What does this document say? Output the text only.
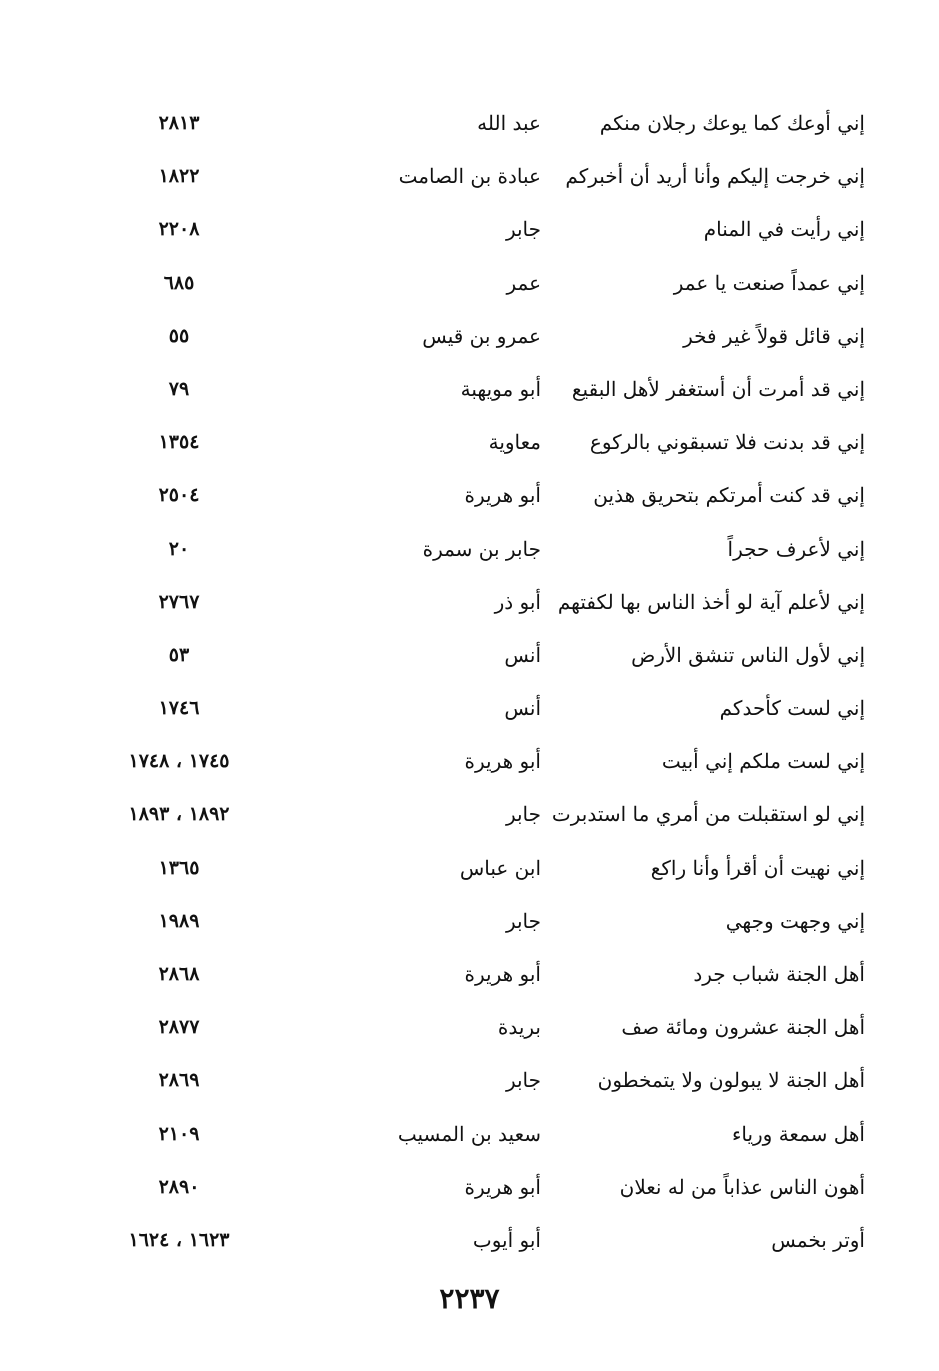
إني أوعك كما يوعك رجلان منكم
عبد الله
٢٨١٣
إني خرجت إليكم وأنا أريد أن أخبركم
عبادة بن الصامت
١٨٢٢
إني رأيت في المنام
جابر
٢٢٠٨
إني عمداً صنعت يا عمر
عمر
٦٨٥
إني قائل قولاً غير فخر
عمرو بن قيس
٥٥
إني قد أمرت أن أستغفر لأهل البقيع
أبو مويهبة
٧٩
إني قد بدنت فلا تسبقوني بالركوع
معاوية
١٣٥٤
إني قد كنت أمرتكم بتحريق هذين
أبو هريرة
٢٥٠٤
إني لأعرف حجراً
جابر بن سمرة
٢٠
إني لأعلم آية لو أخذ الناس بها لكفتهم
أبو ذر
٢٧٦٧
إني لأول الناس تنشق الأرض
أنس
٥٣
إني لست كأحدكم
أنس
١٧٤٦
إني لست ملكم إني أبيت
أبو هريرة
١٧٤٥ ، ١٧٤٨
إني لو استقبلت من أمري ما استدبرت
جابر
١٨٩٢ ، ١٨٩٣
إني نهيت أن أقرأ وأنا راكع
ابن عباس
١٣٦٥
إني وجهت وجهي
جابر
١٩٨٩
أهل الجنة شباب جرد
أبو هريرة
٢٨٦٨
أهل الجنة عشرون ومائة صف
بريدة
٢٨٧٧
أهل الجنة لا يبولون ولا يتمخطون
جابر
٢٨٦٩
أهل سمعة ورياء
سعيد بن المسيب
٢١٠٩
أهون الناس عذاباً من له نعلان
أبو هريرة
٢٨٩٠
أوتر بخمس
أبو أيوب
١٦٢٣ ، ١٦٢٤
٢٢٣٧
